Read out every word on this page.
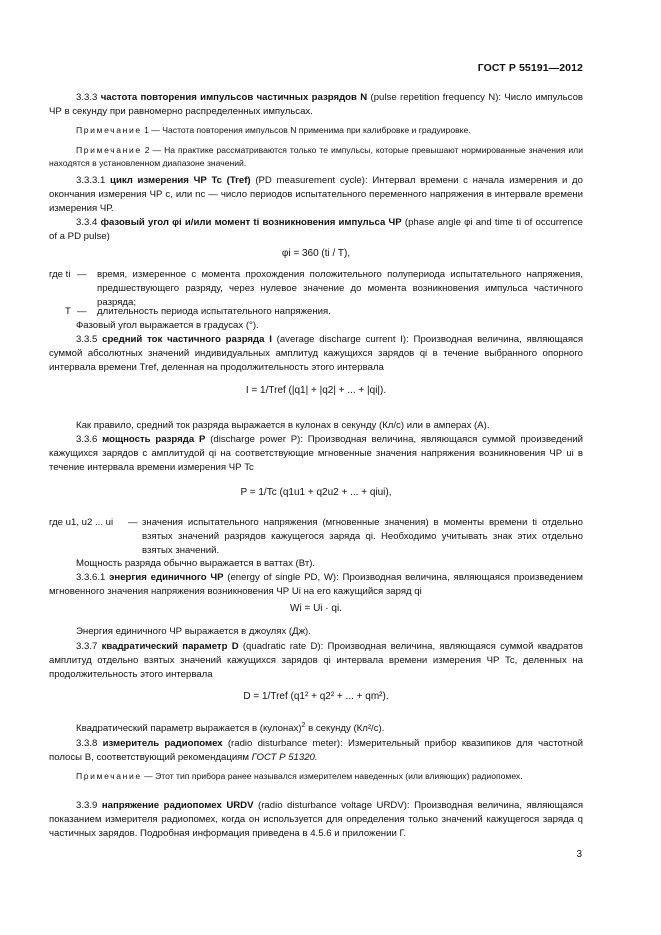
ГОСТ Р 55191—2012

3.3.3 частота повторения импульсов частичных разрядов N (pulse repetition frequency N): Число импульсов ЧР в секунду при равномерно распределенных импульсах.

Примечание 1 — Частота повторения импульсов N применима при калибровке и градуировке.

Примечание 2 — На практике рассматриваются только те импульсы, которые превышают нормированные значения или находятся в установленном диапазоне значений.

3.3.3.1 цикл измерения ЧР Tc (Tref) (PD measurement cycle): Интервал времени с начала измерения и до окончания измерения ЧР c, или nc — число периодов испытательного переменного напряжения в интервале времени измерения ЧР.

3.3.4 фазовый угол φi и/или момент ti возникновения импульса ЧР (phase angle φi and time ti of occurrence of a PD pulse)

φi = 360 (ti / T),
где ti — время, измеренное с момента прохождения положительного полупериода испытательного напряжения, предшествующего разряду, через нулевое значение до момента возникновения импульса частичного разряда;
T — длительность периода испытательного напряжения.

Фазовый угол выражается в градусах (°).

3.3.5 средний ток частичного разряда I (average discharge current I): Производная величина, являющаяся суммой абсолютных значений индивидуальных амплитуд кажущихся зарядов qi в течение выбранного опорного интервала времени Tref, деленная на продолжительность этого интервала

I = 1/Tref (|q1| + |q2| + ... + |qi|).

Как правило, средний ток разряда выражается в кулонах в секунду (Кл/с) или в амперах (А).

3.3.6 мощность разряда P (discharge power P): Производная величина, являющаяся суммой произведений кажущихся зарядов с амплитудой qi на соответствующие мгновенные значения напряжения возникновения ЧР ui в течение интервала времени измерения ЧР Tc

P = 1/Tc (q1u1 + q2u2 + ... + qiui),
где u1, u2 ... ui — значения испытательного напряжения (мгновенные значения) в моменты времени ti отдельно взятых значений разрядов кажущегося заряда qi. Необходимо учитывать знак этих отдельно взятых значений.

Мощность разряда обычно выражается в ваттах (Вт).

3.3.6.1 энергия единичного ЧР (energy of single PD, W): Производная величина, являющаяся произведением мгновенного значения напряжения возникновения ЧР Ui на его кажущийся заряд qi

Wi = Ui · qi.

Энергия единичного ЧР выражается в джоулях (Дж).

3.3.7 квадратический параметр D (quadratic rate D): Производная величина, являющаяся суммой квадратов амплитуд отдельно взятых значений кажущихся зарядов qi интервала времени измерения ЧР Tc, деленных на продолжительность этого интервала

D = 1/Tref (q1² + q2² + ... + qm²).

Квадратический параметр выражается в (кулонах)$^2$ в секунду (Кл²/с).

3.3.8 измеритель радиопомех (radio disturbance meter): Измерительный прибор квазипиков для частотной полосы В, соответствующий рекомендациям ГОСТ Р 51320.

Примечание — Этот тип прибора ранее назывался измерителем наведенных (или влияющих) радиопомех.

3.3.9 напряжение радиопомех URDV (radio disturbance voltage URDV): Производная величина, являющаяся показанием измерителя радиопомех, когда он используется для определения только значений кажущегося заряда q частичных зарядов. Подробная информация приведена в 4.5.6 и приложении Г.

3
